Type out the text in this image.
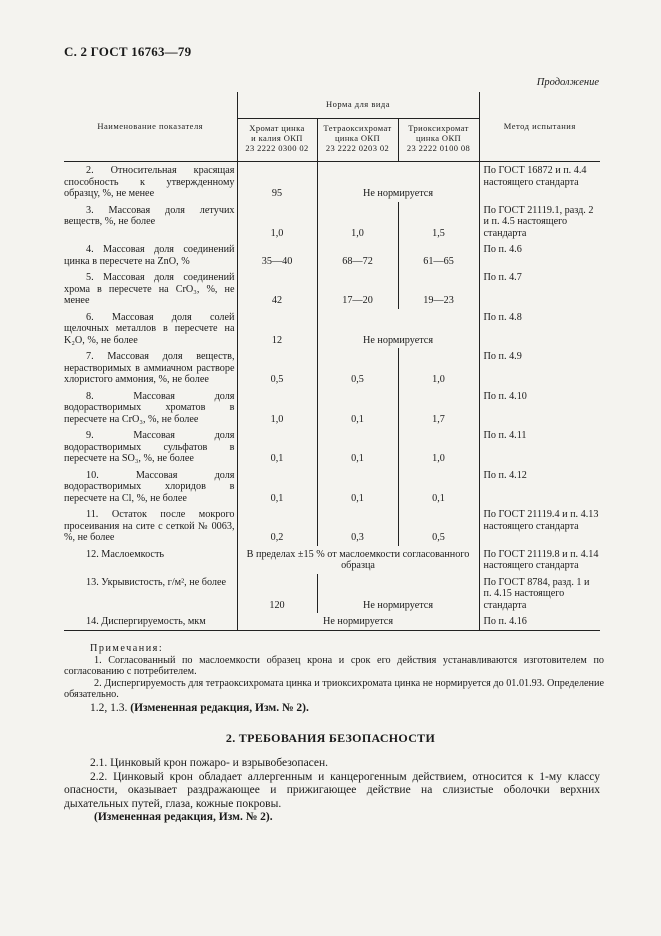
С. 2 ГОСТ 16763—79
Продолжение
Наименование показателя	Норма для вида			Метод испытания
	Хромат цинка
и калия ОКП
23 2222 0300 02	Тетраоксихромат
цинка ОКП
23 2222 0203 02	Триоксихромат
цинка ОКП
23 2222 0100 08	

2. Относительная красящая способность к утвержденному образцу, %, не менее	95	Не нормируется		По ГОСТ 16872 и п. 4.4 настоящего стандарта

3. Массовая доля летучих веществ, %, не более	1,0	1,0	1,5	По ГОСТ 21119.1, разд. 2 и п. 4.5 настоящего стандарта

4. Массовая доля соединений цинка в пересчете на ZnO, %	35—40	68—72	61—65	По п. 4.6

5. Массовая доля соединений хрома в пересчете на CrO₃, %, не менее	42	17—20	19—23	По п. 4.7

6. Массовая доля солей щелочных металлов в пересчете на K₂O, %, не более	12	Не нормируется		По п. 4.8

7. Массовая доля веществ, нерастворимых в аммиачном растворе хлористого аммония, %, не более	0,5	0,5	1,0	По п. 4.9

8. Массовая доля водорастворимых хроматов в пересчете на CrO₃, %, не более	1,0	0,1	1,7	По п. 4.10

9. Массовая доля водорастворимых сульфатов в пересчете на SO₃, %, не более	0,1	0,1	1,0	По п. 4.11

10. Массовая доля водорастворимых хлоридов в пересчете на Cl, %, не более	0,1	0,1	0,1	По п. 4.12

11. Остаток после мокрого просеивания на сите с сеткой № 0063, %, не более	0,2	0,3	0,5	По ГОСТ 21119.4 и п. 4.13 настоящего стандарта

12. Маслоемкость	В пределах ±15 % от маслоемкости согласованного образца			По ГОСТ 21119.8 и п. 4.14 настоящего стандарта

13. Укрывистость, г/м², не более	120	Не нормируется		По ГОСТ 8784, разд. 1 и п. 4.15 настоящего стандарта

14. Диспергируемость, мкм	Не нормируется			По п. 4.16
Примечания:

1. Согласованный по маслоемкости образец крона и срок его действия устанавливаются изготовителем по согласованию с потребителем.

2. Диспергируемость для тетраоксихромата цинка и триоксихромата цинка не нормируется до 01.01.93. Определение обязательно.

1.2, 1.3. (Измененная редакция, Изм. № 2).
2. ТРЕБОВАНИЯ БЕЗОПАСНОСТИ

2.1. Цинковый крон пожаро- и взрывобезопасен.

2.2. Цинковый крон обладает аллергенным и канцерогенным действием, относится к 1-му классу опасности, оказывает раздражающее и прижигающее действие на слизистые оболочки верхних дыхательных путей, глаза, кожные покровы.

(Измененная редакция, Изм. № 2).
